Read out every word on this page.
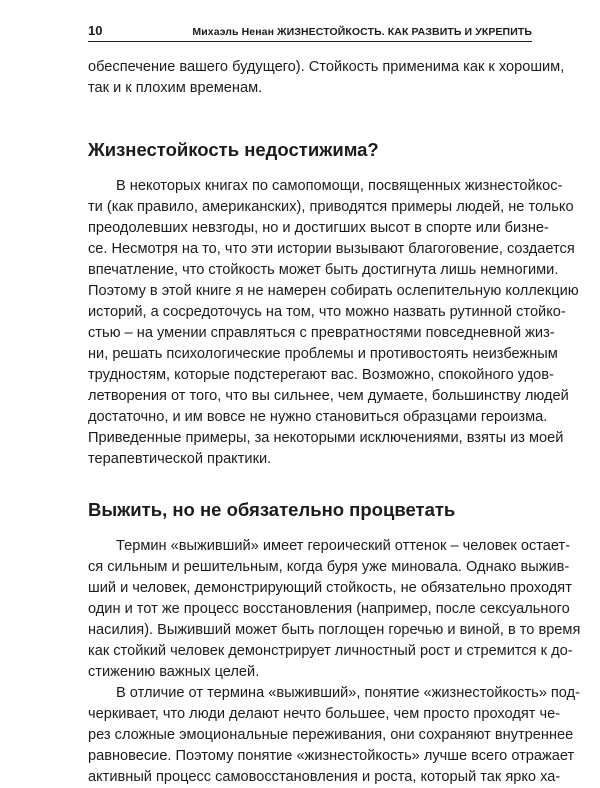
10	Михаэль Ненан ЖИЗНЕСТОЙКОСТЬ. КАК РАЗВИТЬ И УКРЕПИТЬ

обеспечение вашего будущего). Стойкость применима как к хорошим,

так и к плохим временам.

Жизнестойкость недостижима?

В некоторых книгах по самопомощи, посвященных жизнестойкос-

ти (как правило, американских), приводятся примеры людей, не только

преодолевших невзгоды, но и достигших высот в спорте или бизне-

се. Несмотря на то, что эти истории вызывают благоговение, создается

впечатление, что стойкость может быть достигнута лишь немногими.

Поэтому в этой книге я не намерен собирать ослепительную коллекцию

историй, а сосредоточусь на том, что можно назвать рутинной стойко-

стью – на умении справляться с превратностями повседневной жиз-

ни, решать психологические проблемы и противостоять неизбежным

трудностям, которые подстерегают вас. Возможно, спокойного удов-

летворения от того, что вы сильнее, чем думаете, большинству людей

достаточно, и им вовсе не нужно становиться образцами героизма.

Приведенные примеры, за некоторыми исключениями, взяты из моей

терапевтической практики.

Выжить, но не обязательно процветать

Термин «выживший» имеет героический оттенок – человек остает-

ся сильным и решительным, когда буря уже миновала. Однако выжив-

ший и человек, демонстрирующий стойкость, не обязательно проходят

один и тот же процесс восстановления (например, после сексуального

насилия). Выживший может быть поглощен горечью и виной, в то время

как стойкий человек демонстрирует личностный рост и стремится к до-

стижению важных целей.

В отличие от термина «выживший», понятие «жизнестойкость» под-

черкивает, что люди делают нечто большее, чем просто проходят че-

рез сложные эмоциональные переживания, они сохраняют внутреннее

равновесие. Поэтому понятие «жизнестойкость» лучше всего отражает

активный процесс самовосстановления и роста, который так ярко ха-
